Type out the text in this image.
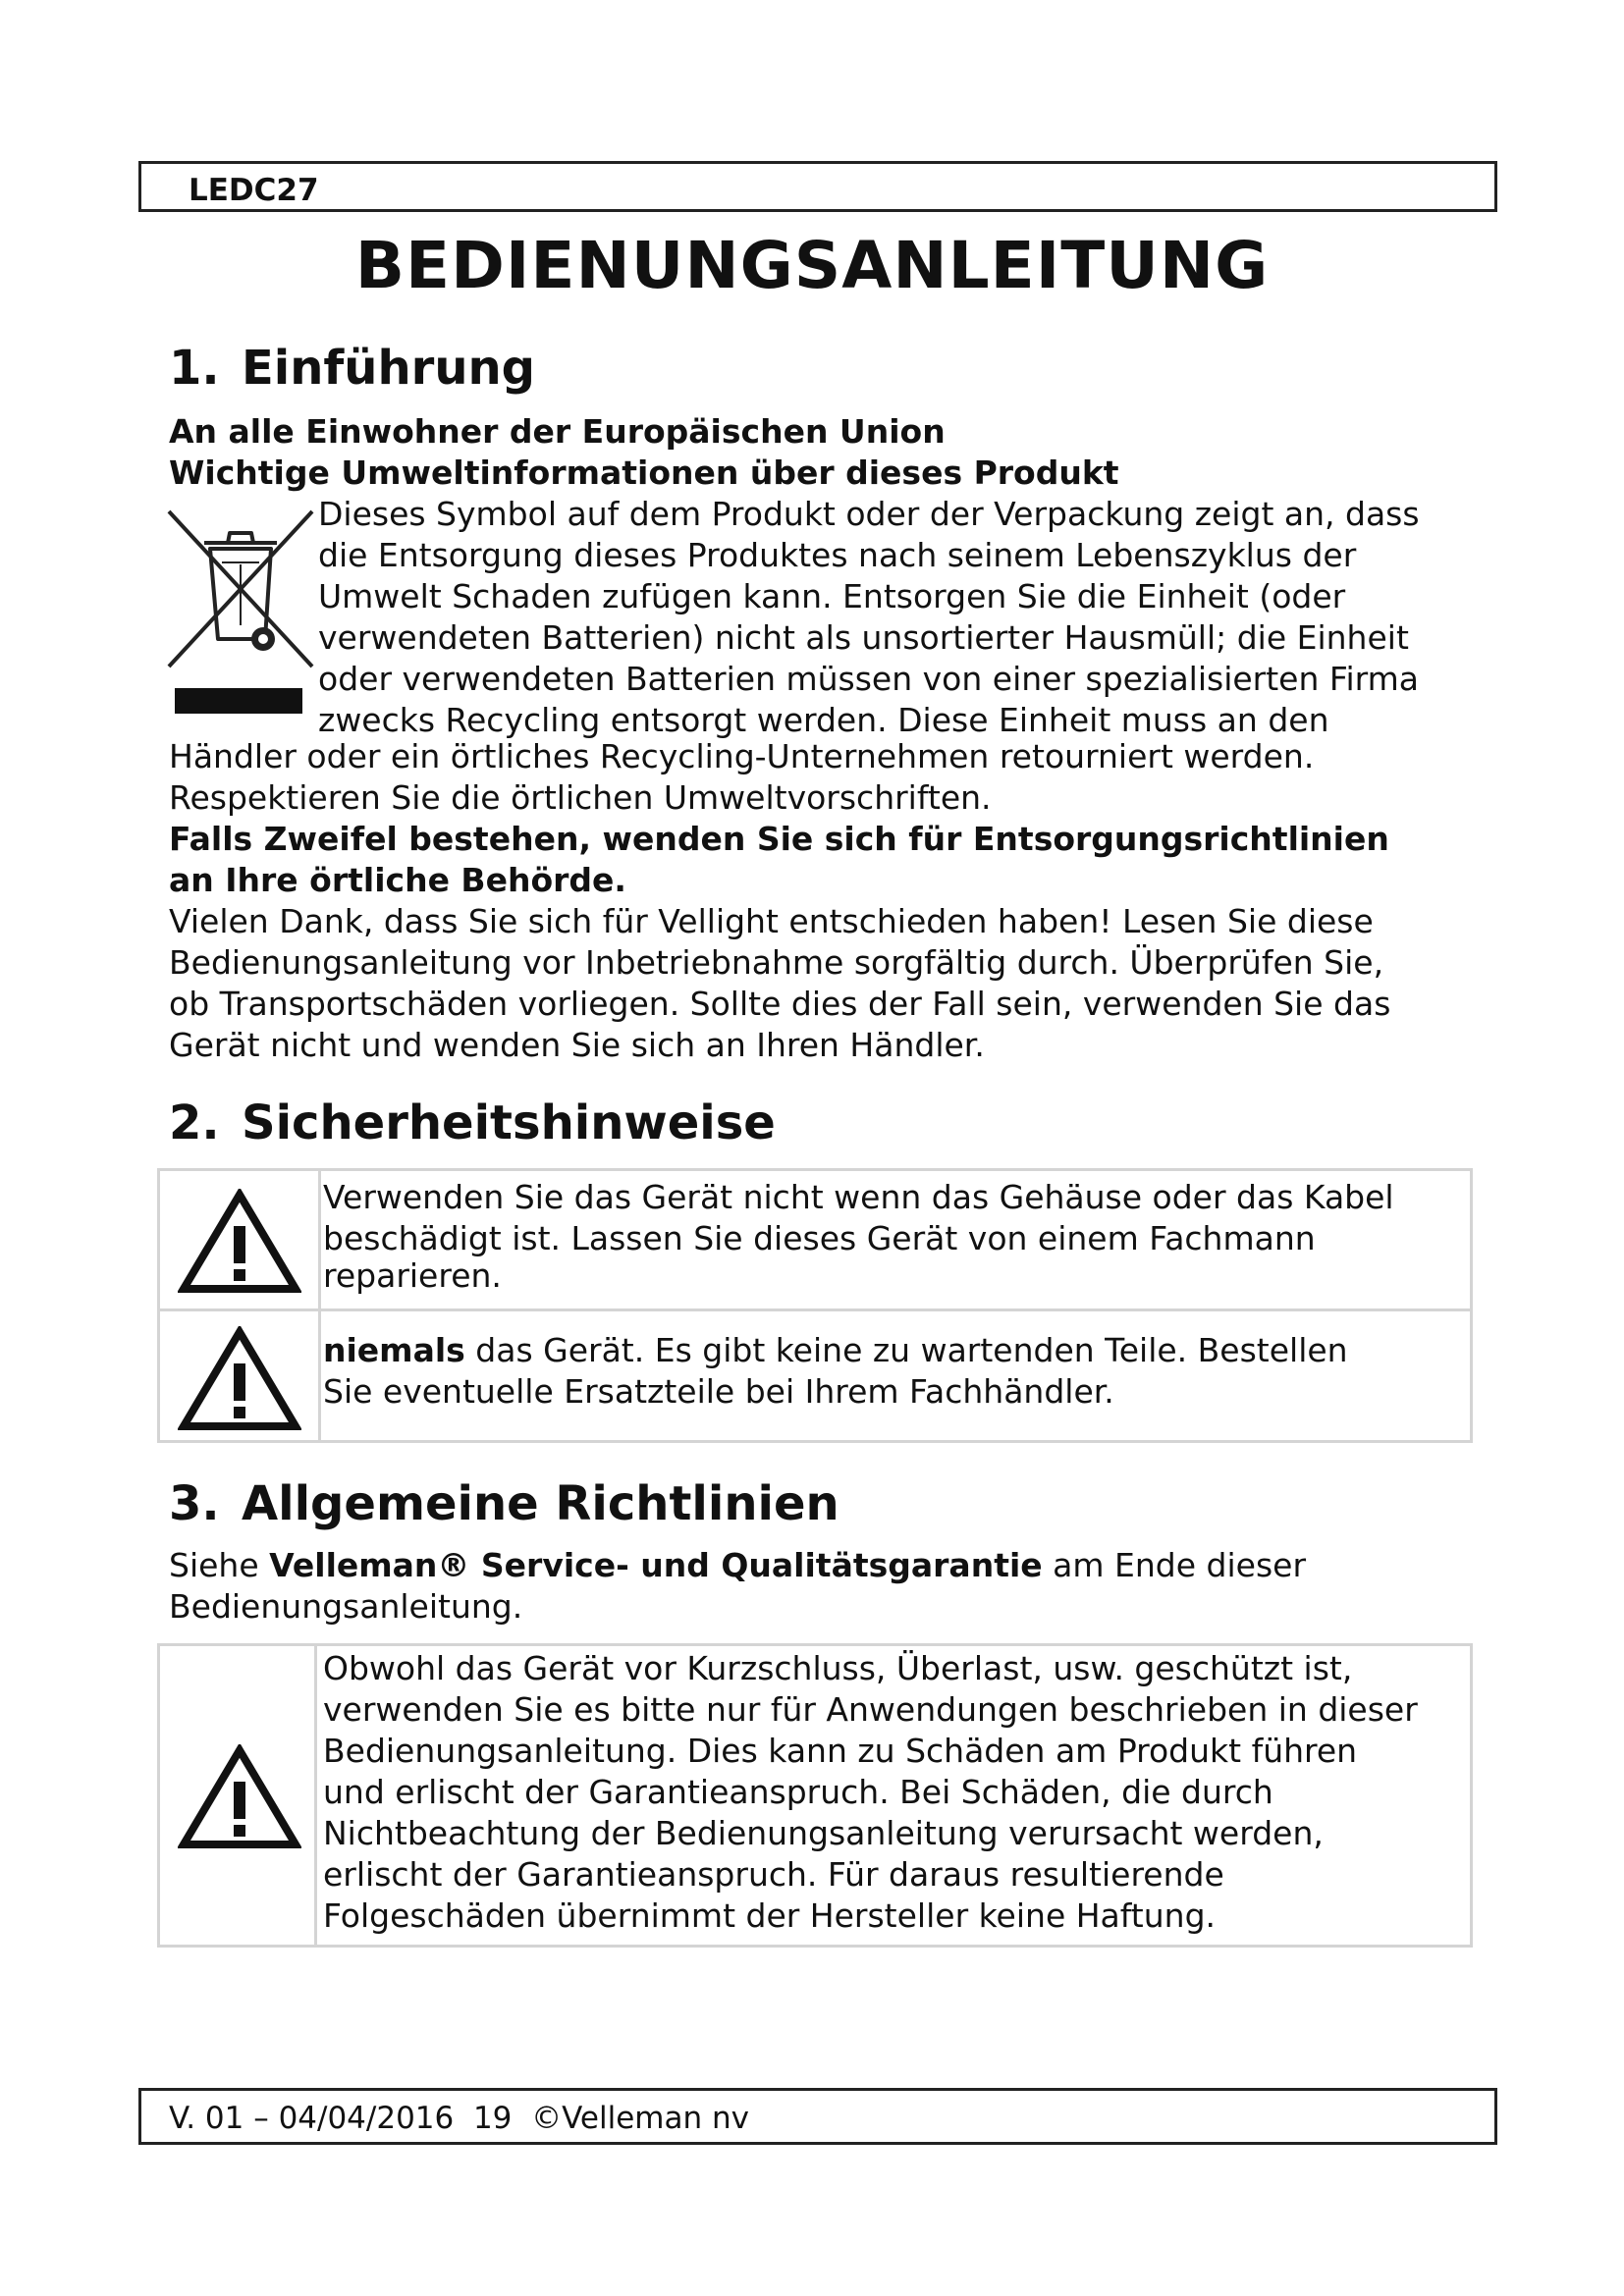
LEDC27
BEDIENUNGSANLEITUNG
1. Einführung
An alle Einwohner der Europäischen Union
Wichtige Umweltinformationen über dieses Produkt
Dieses Symbol auf dem Produkt oder der Verpackung zeigt an, dass
die Entsorgung dieses Produktes nach seinem Lebenszyklus der
Umwelt Schaden zufügen kann. Entsorgen Sie die Einheit (oder
verwendeten Batterien) nicht als unsortierter Hausmüll; die Einheit
oder verwendeten Batterien müssen von einer spezialisierten Firma
zwecks Recycling entsorgt werden. Diese Einheit muss an den
Händler oder ein örtliches Recycling-Unternehmen retourniert werden.
Respektieren Sie die örtlichen Umweltvorschriften.
Falls Zweifel bestehen, wenden Sie sich für Entsorgungsrichtlinien
an Ihre örtliche Behörde.
Vielen Dank, dass Sie sich für Vellight entschieden haben! Lesen Sie diese
Bedienungsanleitung vor Inbetriebnahme sorgfältig durch. Überprüfen Sie,
ob Transportschäden vorliegen. Sollte dies der Fall sein, verwenden Sie das
Gerät nicht und wenden Sie sich an Ihren Händler.
2. Sicherheitshinweise
Verwenden Sie das Gerät nicht wenn das Gehäuse oder das Kabel
beschädigt ist. Lassen Sie dieses Gerät von einem Fachmann
reparieren.
niemals das Gerät. Es gibt keine zu wartenden Teile. Bestellen
Sie eventuelle Ersatzteile bei Ihrem Fachhändler.
3. Allgemeine Richtlinien
Siehe Velleman® Service- und Qualitätsgarantie am Ende dieser
Bedienungsanleitung.
Obwohl das Gerät vor Kurzschluss, Überlast, usw. geschützt ist,
verwenden Sie es bitte nur für Anwendungen beschrieben in dieser
Bedienungsanleitung. Dies kann zu Schäden am Produkt führen
und erlischt der Garantieanspruch. Bei Schäden, die durch
Nichtbeachtung der Bedienungsanleitung verursacht werden,
erlischt der Garantieanspruch. Für daraus resultierende
Folgeschäden übernimmt der Hersteller keine Haftung.
V. 01 – 04/04/2016  19  ©Velleman nv
